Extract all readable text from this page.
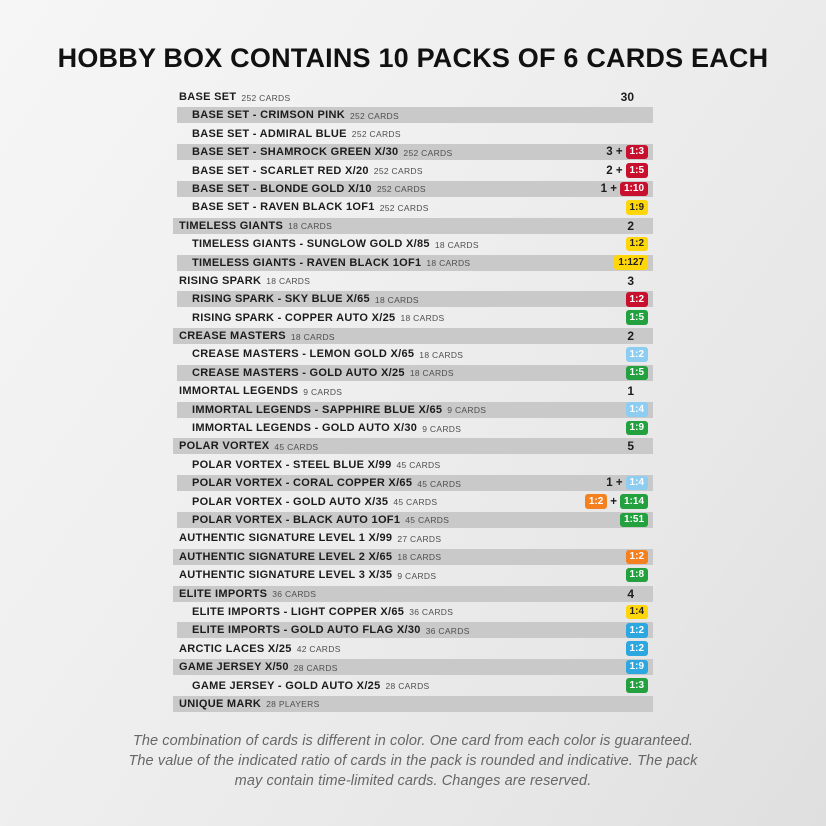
HOBBY BOX CONTAINS 10 PACKS OF 6 CARDS EACH
BASE SET 252 CARDS	30
BASE SET - CRIMSON PINK 252 CARDS
BASE SET - ADMIRAL BLUE 252 CARDS
BASE SET - SHAMROCK GREEN X/30 252 CARDS	3 + 1:3
BASE SET - SCARLET RED X/20 252 CARDS	2 + 1:5
BASE SET - BLONDE GOLD X/10 252 CARDS	1 + 1:10
BASE SET - RAVEN BLACK 1OF1 252 CARDS	1:9
TIMELESS GIANTS 18 CARDS	2
TIMELESS GIANTS - SUNGLOW GOLD X/85 18 CARDS	1:2
TIMELESS GIANTS - RAVEN BLACK 1OF1 18 CARDS	1:127
RISING SPARK 18 CARDS	3
RISING SPARK - SKY BLUE X/65 18 CARDS	1:2
RISING SPARK - COPPER AUTO X/25 18 CARDS	1:5
CREASE MASTERS 18 CARDS	2
CREASE MASTERS - LEMON GOLD X/65 18 CARDS	1:2
CREASE MASTERS - GOLD AUTO X/25 18 CARDS	1:5
IMMORTAL LEGENDS 9 CARDS	1
IMMORTAL LEGENDS - SAPPHIRE BLUE X/65 9 CARDS	1:4
IMMORTAL LEGENDS - GOLD AUTO X/30 9 CARDS	1:9
POLAR VORTEX 45 CARDS	5
POLAR VORTEX - STEEL BLUE X/99 45 CARDS
POLAR VORTEX - CORAL COPPER X/65 45 CARDS	1 + 1:4
POLAR VORTEX - GOLD AUTO X/35 45 CARDS	1:2 + 1:14
POLAR VORTEX - BLACK AUTO 1OF1 45 CARDS	1:51
AUTHENTIC SIGNATURE LEVEL 1 X/99 27 CARDS
AUTHENTIC SIGNATURE LEVEL 2 X/65 18 CARDS	1:2
AUTHENTIC SIGNATURE LEVEL 3 X/35 9 CARDS	1:8
ELITE IMPORTS 36 CARDS	4
ELITE IMPORTS - LIGHT COPPER X/65 36 CARDS	1:4
ELITE IMPORTS - GOLD AUTO FLAG X/30 36 CARDS	1:2
ARCTIC LACES X/25 42 CARDS	1:2
GAME JERSEY X/50 28 CARDS	1:9
GAME JERSEY - GOLD AUTO X/25 28 CARDS	1:3
UNIQUE MARK 28 PLAYERS
The combination of cards is different in color. One card from each color is guaranteed.
The value of the indicated ratio of cards in the pack is rounded and indicative. The pack
may contain time-limited cards. Changes are reserved.
